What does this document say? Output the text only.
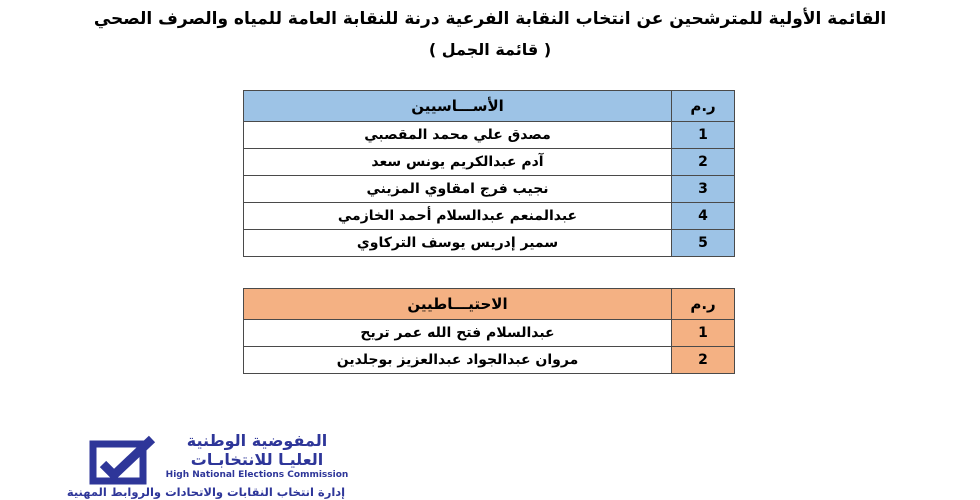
القائمة الأولية للمترشحين عن انتخاب النقابة الفرعية درنة للنقابة العامة للمياه والصرف الصحي
( قائمة الجمل )
ر.م	الأســـاسيين
1	مصدق علي محمد المقصبي
2	آدم عبدالكريم يونس سعد
3	نجيب فرج امقاوي المزيني
4	عبدالمنعم عبدالسلام أحمد الخازمي
5	سمير إدريس يوسف التركاوي
ر.م	الاحتيـــاطيين
1	عبدالسلام فتح الله عمر تريح
2	مروان عبدالجواد عبدالعزيز بوجلدين
المفوضية الوطنية
العليـا للانتخابـات
High National Elections Commission
إدارة انتخاب النقابات والاتحادات والروابط المهنية
